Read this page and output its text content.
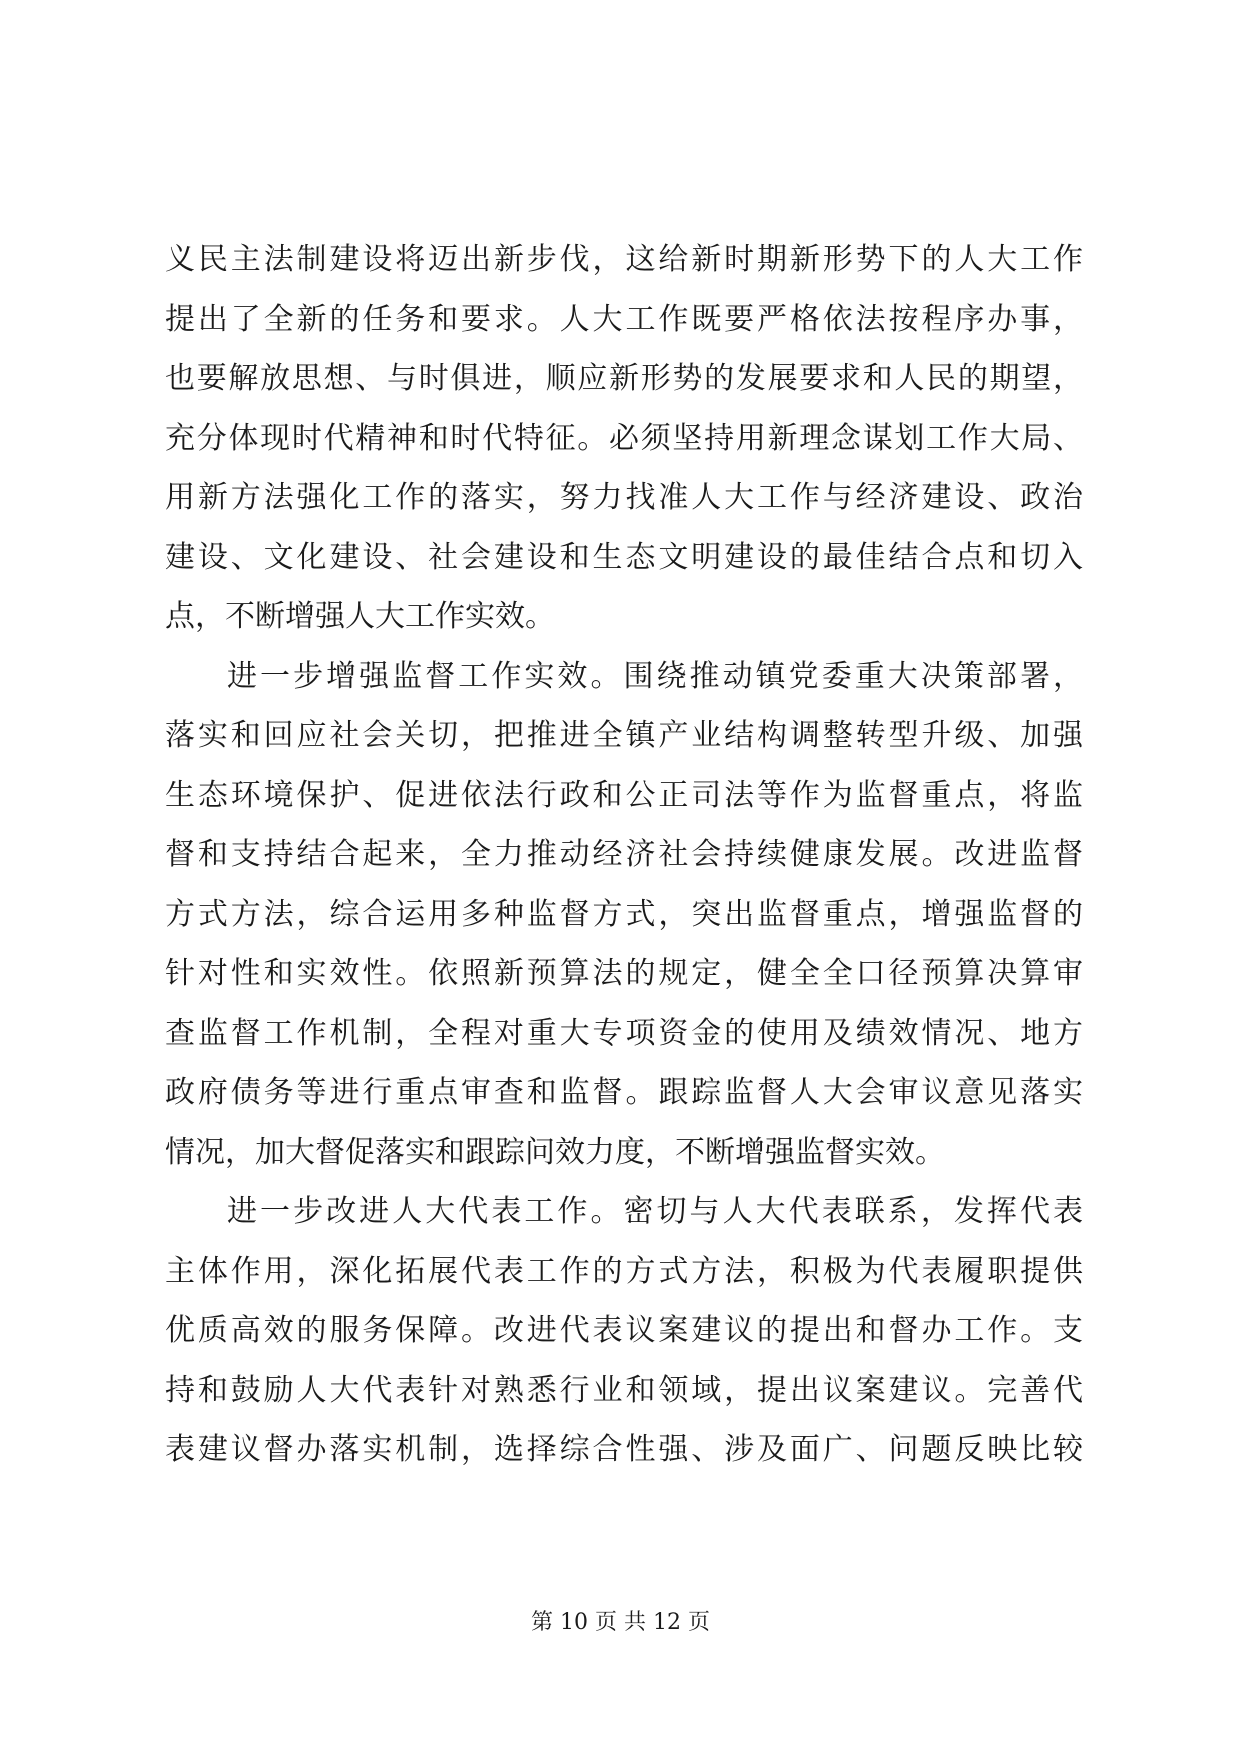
义民主法制建设将迈出新步伐，这给新时期新形势下的人大工作
提出了全新的任务和要求。人大工作既要严格依法按程序办事，
也要解放思想、与时俱进，顺应新形势的发展要求和人民的期望，
充分体现时代精神和时代特征。必须坚持用新理念谋划工作大局、
用新方法强化工作的落实，努力找准人大工作与经济建设、政治
建设、文化建设、社会建设和生态文明建设的最佳结合点和切入
点，不断增强人大工作实效。
进一步增强监督工作实效。围绕推动镇党委重大决策部署，
落实和回应社会关切，把推进全镇产业结构调整转型升级、加强
生态环境保护、促进依法行政和公正司法等作为监督重点，将监
督和支持结合起来，全力推动经济社会持续健康发展。改进监督
方式方法，综合运用多种监督方式，突出监督重点，增强监督的
针对性和实效性。依照新预算法的规定，健全全口径预算决算审
查监督工作机制，全程对重大专项资金的使用及绩效情况、地方
政府债务等进行重点审查和监督。跟踪监督人大会审议意见落实
情况，加大督促落实和跟踪问效力度，不断增强监督实效。
进一步改进人大代表工作。密切与人大代表联系，发挥代表
主体作用，深化拓展代表工作的方式方法，积极为代表履职提供
优质高效的服务保障。改进代表议案建议的提出和督办工作。支
持和鼓励人大代表针对熟悉行业和领域，提出议案建议。完善代
表建议督办落实机制，选择综合性强、涉及面广、问题反映比较
第 10 页 共 12 页
